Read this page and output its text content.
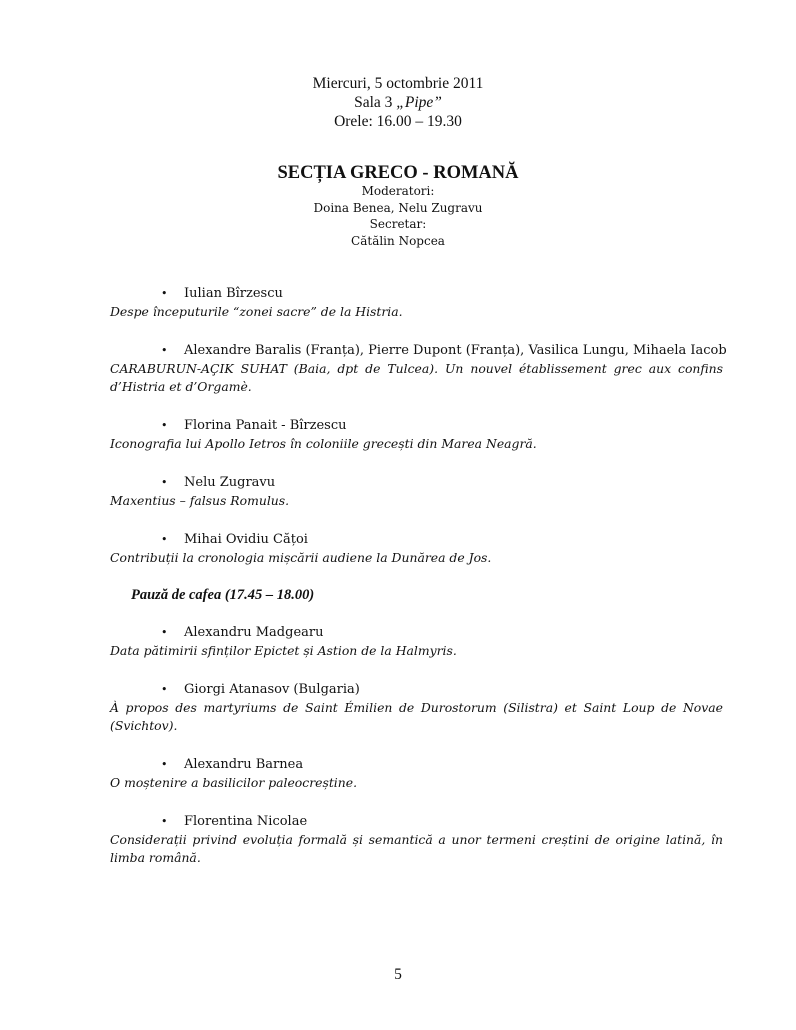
Miercuri, 5 octombrie 2011
Sala 3 „Pipe”
Orele: 16.00 – 19.30
SECȚIA GRECO - ROMANĂ
Moderatori:
Doina Benea, Nelu Zugravu
Secretar:
Cătălin Nopcea
• Iulian Bîrzescu
Despe începuturile “zonei sacre” de la Histria.
• Alexandre Baralis (Franța), Pierre Dupont (Franța), Vasilica Lungu, Mihaela Iacob
CARABURUN-AÇIK SUHAT (Baia, dpt de Tulcea). Un nouvel établissement grec aux confins d’Histria et d’Orgamè.
• Florina Panait - Bîrzescu
Iconografia lui Apollo Ietros în coloniile grecești din Marea Neagră.
• Nelu Zugravu
Maxentius – falsus Romulus.
• Mihai Ovidiu Cățoi
Contribuții la cronologia mișcării audiene la Dunărea de Jos.
Pauză de cafea (17.45 – 18.00)
• Alexandru Madgearu
Data pătimirii sfinților Epictet și Astion de la Halmyris.
• Giorgi Atanasov (Bulgaria)
À propos des martyriums de Saint Émilien de Durostorum (Silistra) et Saint Loup de Novae (Svichtov).
• Alexandru Barnea
O moștenire a basilicilor paleocreștine.
• Florentina Nicolae
Considerații privind evoluția formală și semantică a unor termeni creștini de origine latină, în limba română.
5
